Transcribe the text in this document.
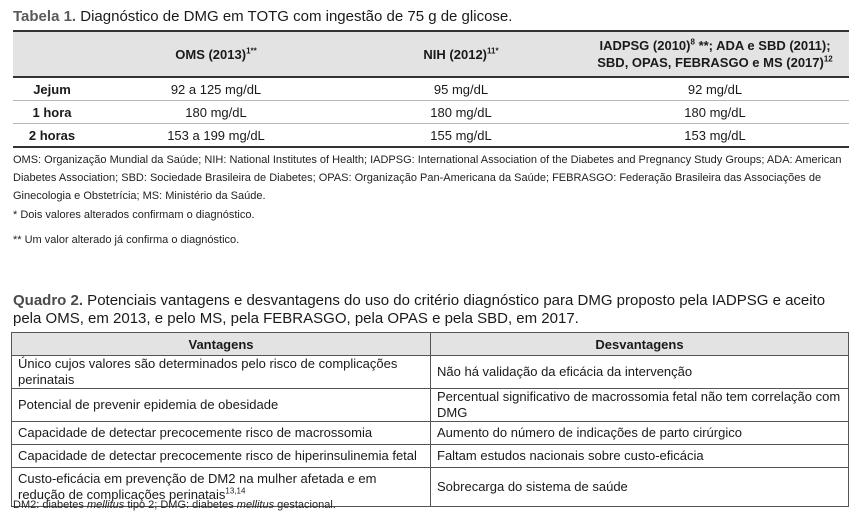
Tabela 1. Diagnóstico de DMG em TOTG com ingestão de 75 g de glicose.
	OMS $(2013)^{1**}$	NIH $(2012)^{11*}$	IADPSG $(2010)^8$ **; ADA e SBD (2011); SBD, OPAS, FEBRASGO e MS $(2017)^{12}$
Jejum	92 a 125 mg/dL	95 mg/dL	92 mg/dL
1 hora	180 mg/dL	180 mg/dL	180 mg/dL
2 horas	153 a 199 mg/dL	155 mg/dL	153 mg/dL

OMS: Organização Mundial da Saúde; NIH: National Institutes of Health; IADPSG: International Association of the Diabetes and Pregnancy Study Groups; ADA: American Diabetes Association; SBD: Sociedade Brasileira de Diabetes; OPAS: Organização Pan-Americana da Saúde; FEBRASGO: Federação Brasileira das Associações de Ginecologia e Obstetrícia; MS: Ministério da Saúde.

* Dois valores alterados confirmam o diagnóstico.
** Um valor alterado já confirma o diagnóstico.
Quadro 2. Potenciais vantagens e desvantagens do uso do critério diagnóstico para DMG proposto pela IADPSG e aceito pela OMS, em 2013, e pelo MS, pela FEBRASGO, pela OPAS e pela SBD, em 2017.
Vantagens	Desvantagens
Único cujos valores são determinados pelo risco de complicações perinatais	Não há validação da eficácia da intervenção
Potencial de prevenir epidemia de obesidade	Percentual significativo de macrossomia fetal não tem correlação com DMG
Capacidade de detectar precocemente risco de macrossomia	Aumento do número de indicações de parto cirúrgico
Capacidade de detectar precocemente risco de hiperinsulinemia fetal	Faltam estudos nacionais sobre custo-eficácia
Custo-eficácia em prevenção de DM2 na mulher afetada e em redução de complicações perinatais$^{13,14}$	Sobrecarga do sistema de saúde
DM2: diabetes mellitus tipo 2; DMG: diabetes mellitus gestacional.
